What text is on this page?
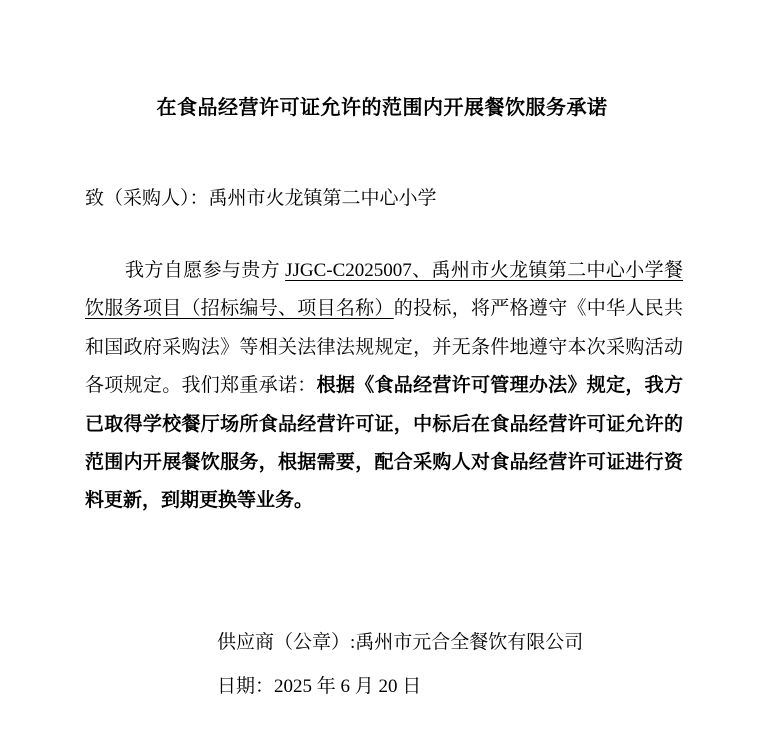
在食品经营许可证允许的范围内开展餐饮服务承诺
致（采购人）：禹州市火龙镇第二中心小学

我方自愿参与贵方 JJGC-C2025007、禹州市火龙镇第二中心小学餐饮服务项目（招标编号、项目名称）的投标，将严格遵守《中华人民共和国政府采购法》等相关法律法规规定，并无条件地遵守本次采购活动各项规定。我们郑重承诺：根据《食品经营许可管理办法》规定，我方已取得学校餐厅场所食品经营许可证，中标后在食品经营许可证允许的范围内开展餐饮服务，根据需要，配合采购人对食品经营许可证进行资料更新，到期更换等业务。

供应商（公章）:禹州市元合全餐饮有限公司
日期：2025 年 6 月 20 日
